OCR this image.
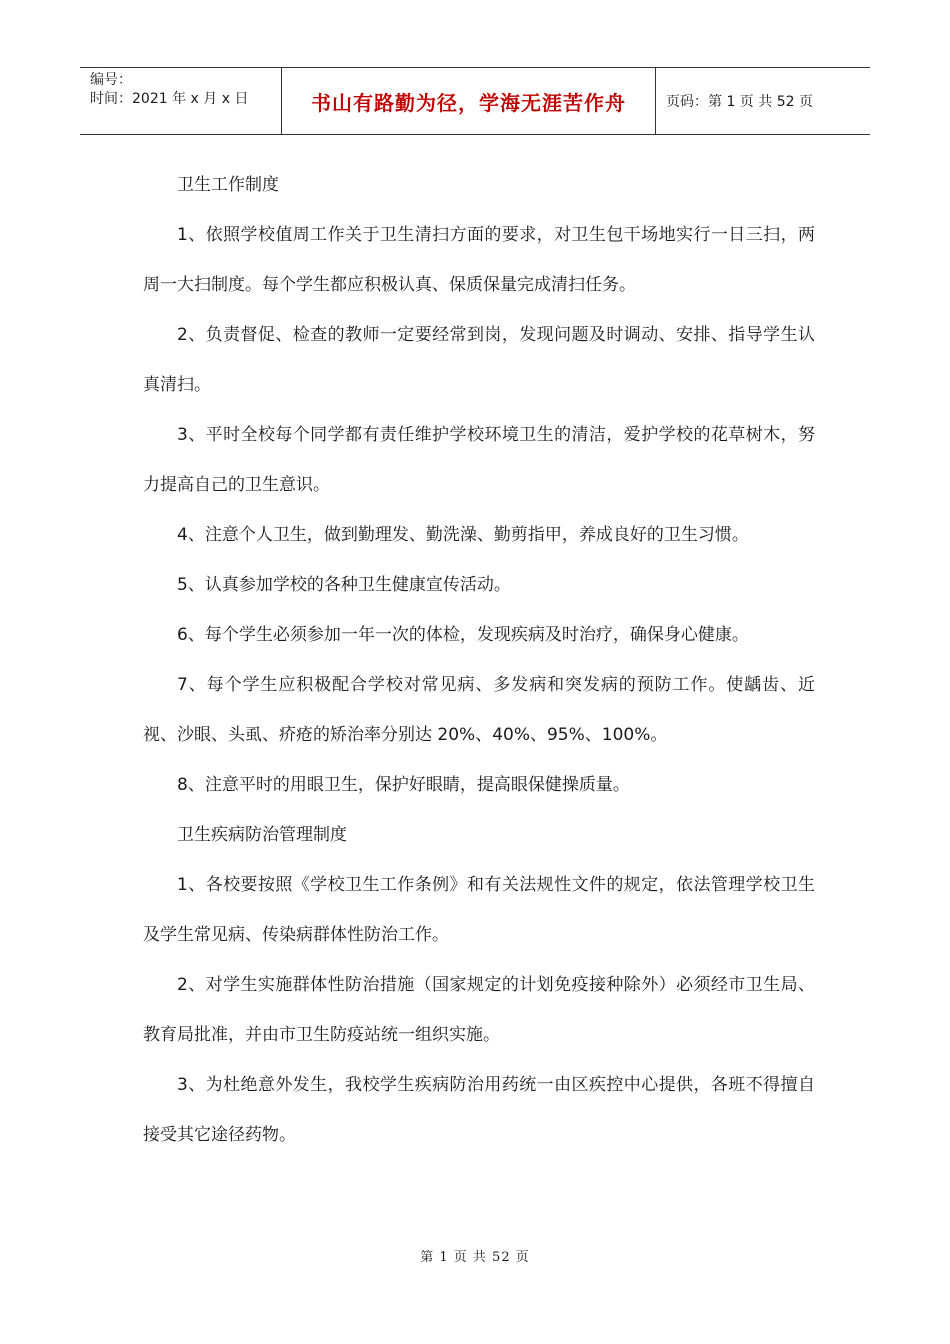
编号：
时间：2021 年 x 月 x 日	书山有路勤为径，学海无涯苦作舟	页码：第 1 页 共 52 页

卫生工作制度

1、依照学校值周工作关于卫生清扫方面的要求，对卫生包干场地实行一日三扫，两周一大扫制度。每个学生都应积极认真、保质保量完成清扫任务。

2、负责督促、检查的教师一定要经常到岗，发现问题及时调动、安排、指导学生认真清扫。

3、平时全校每个同学都有责任维护学校环境卫生的清洁，爱护学校的花草树木，努力提高自己的卫生意识。

4、注意个人卫生，做到勤理发、勤洗澡、勤剪指甲，养成良好的卫生习惯。

5、认真参加学校的各种卫生健康宣传活动。

6、每个学生必须参加一年一次的体检，发现疾病及时治疗，确保身心健康。

7、每个学生应积极配合学校对常见病、多发病和突发病的预防工作。使龋齿、近视、沙眼、头虱、疥疮的矫治率分别达 20%、40%、95%、100%。

8、注意平时的用眼卫生，保护好眼睛，提高眼保健操质量。

卫生疾病防治管理制度

1、各校要按照《学校卫生工作条例》和有关法规性文件的规定，依法管理学校卫生及学生常见病、传染病群体性防治工作。

2、对学生实施群体性防治措施（国家规定的计划免疫接种除外）必须经市卫生局、教育局批准，并由市卫生防疫站统一组织实施。

3、为杜绝意外发生，我校学生疾病防治用药统一由区疾控中心提供，各班不得擅自接受其它途径药物。

第 1 页 共 52 页
